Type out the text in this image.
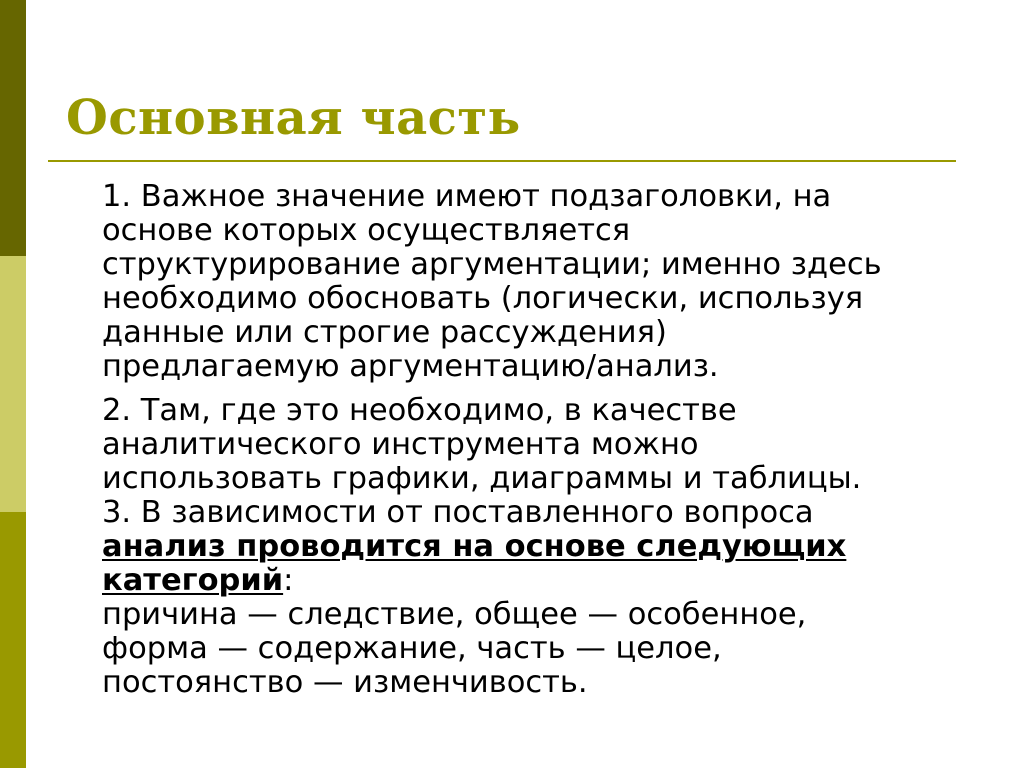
Основная часть

1. Важное значение имеют подзаголовки, на
основе которых осуществляется
структурирование аргументации; именно здесь
необходимо обосновать (логически, используя
данные или строгие рассуждения)
предлагаемую аргументацию/анализ.

2. Там, где это необходимо, в качестве
аналитического инструмента можно
использовать графики, диаграммы и таблицы.

3. В зависимости от поставленного вопроса
анализ проводится на основе следующих
категорий:
причина — следствие, общее — особенное,
форма — содержание, часть — целое,
постоянство — изменчивость.
